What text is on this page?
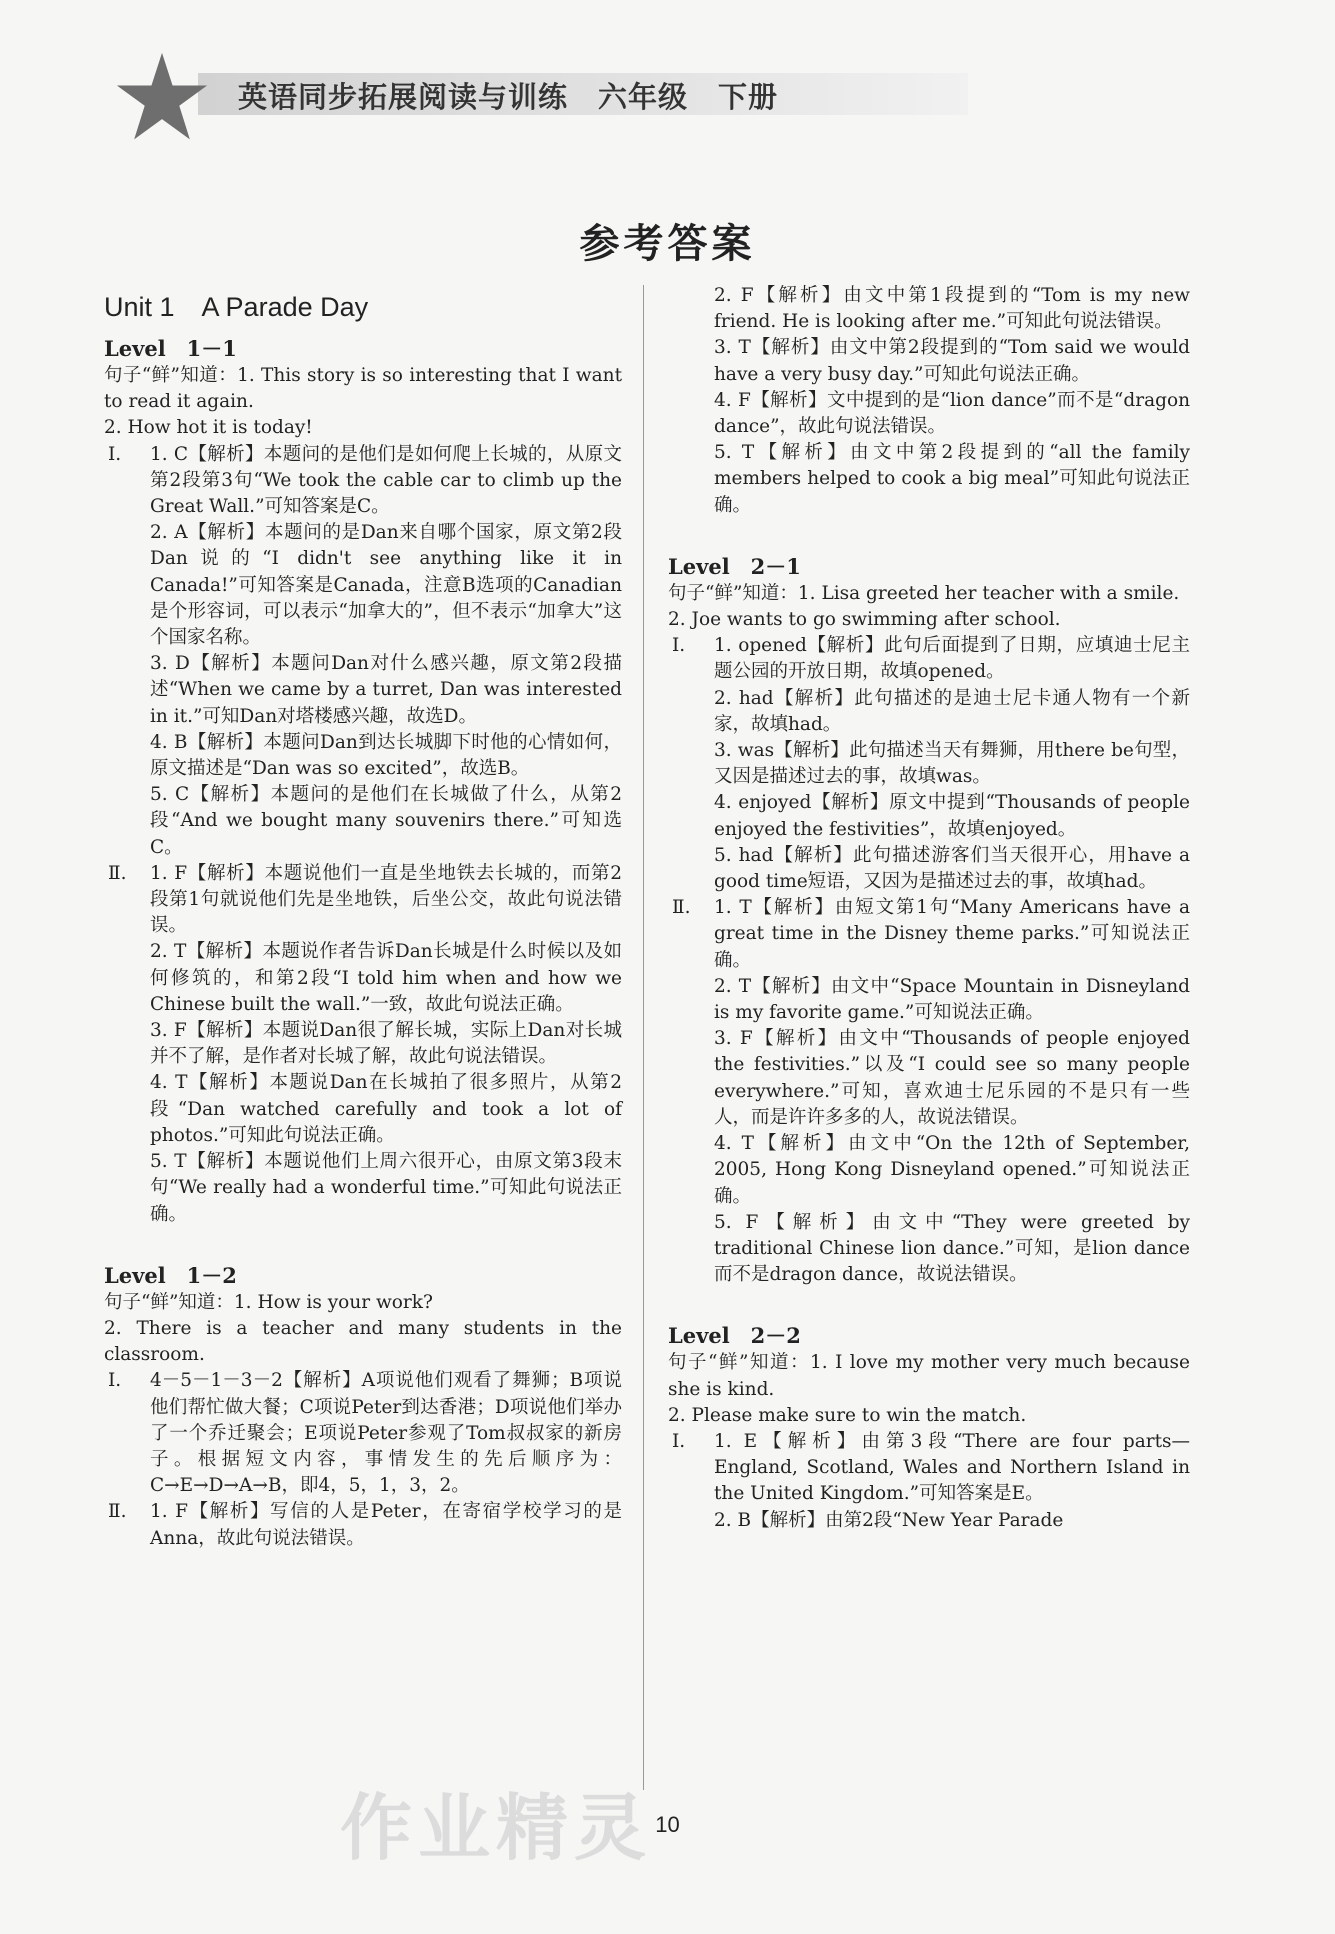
英语同步拓展阅读与训练　六年级　下册
参考答案
Unit 1　A Parade Day
Level　1－1

句子“鲜”知道：1. This story is so interesting that I want to read it again.

2. How hot it is today!

Ⅰ. 1. C【解析】本题问的是他们是如何爬上长城的，从原文第2段第3句“We took the cable car to climb up the Great Wall.”可知答案是C。

2. A【解析】本题问的是Dan来自哪个国家，原文第2段Dan说的“I didn't see anything like it in Canada!”可知答案是Canada，注意B选项的Canadian是个形容词，可以表示“加拿大的”，但不表示“加拿大”这个国家名称。

3. D【解析】本题问Dan对什么感兴趣，原文第2段描述“When we came by a turret, Dan was interested in it.”可知Dan对塔楼感兴趣，故选D。

4. B【解析】本题问Dan到达长城脚下时他的心情如何，原文描述是“Dan was so excited”，故选B。

5. C【解析】本题问的是他们在长城做了什么，从第2段“And we bought many souvenirs there.”可知选C。

Ⅱ. 1. F【解析】本题说他们一直是坐地铁去长城的，而第2段第1句就说他们先是坐地铁，后坐公交，故此句说法错误。

2. T【解析】本题说作者告诉Dan长城是什么时候以及如何修筑的，和第2段“I told him when and how we Chinese built the wall.”一致，故此句说法正确。

3. F【解析】本题说Dan很了解长城，实际上Dan对长城并不了解，是作者对长城了解，故此句说法错误。

4. T【解析】本题说Dan在长城拍了很多照片，从第2段“Dan watched carefully and took a lot of photos.”可知此句说法正确。

5. T【解析】本题说他们上周六很开心，由原文第3段末句“We really had a wonderful time.”可知此句说法正确。

Level　1－2

句子“鲜”知道：1. How is your work?

2. There is a teacher and many students in the classroom.

Ⅰ. 4－5－1－3－2【解析】A项说他们观看了舞狮；B项说他们帮忙做大餐；C项说Peter到达香港；D项说他们举办了一个乔迁聚会；E项说Peter参观了Tom叔叔家的新房子。根据短文内容，事情发生的先后顺序为：C→E→D→A→B，即4，5，1，3，2。

Ⅱ. 1. F【解析】写信的人是Peter，在寄宿学校学习的是Anna，故此句说法错误。

2. F【解析】由文中第1段提到的“Tom is my new friend. He is looking after me.”可知此句说法错误。

3. T【解析】由文中第2段提到的“Tom said we would have a very busy day.”可知此句说法正确。

4. F【解析】文中提到的是“lion dance”而不是“dragon dance”，故此句说法错误。

5. T【解析】由文中第2段提到的“all the family members helped to cook a big meal”可知此句说法正确。

Level　2－1

句子“鲜”知道：1. Lisa greeted her teacher with a smile.

2. Joe wants to go swimming after school.

Ⅰ. 1. opened【解析】此句后面提到了日期，应填迪士尼主题公园的开放日期，故填opened。

2. had【解析】此句描述的是迪士尼卡通人物有一个新家，故填had。

3. was【解析】此句描述当天有舞狮，用there be句型，又因是描述过去的事，故填was。

4. enjoyed【解析】原文中提到“Thousands of people enjoyed the festivities”，故填enjoyed。

5. had【解析】此句描述游客们当天很开心，用have a good time短语，又因为是描述过去的事，故填had。

Ⅱ. 1. T【解析】由短文第1句“Many Americans have a great time in the Disney theme parks.”可知说法正确。

2. T【解析】由文中“Space Mountain in Disneyland is my favorite game.”可知说法正确。

3. F【解析】由文中“Thousands of people enjoyed the festivities.”以及“I could see so many people everywhere.”可知，喜欢迪士尼乐园的不是只有一些人，而是许许多多的人，故说法错误。

4. T【解析】由文中“On the 12th of September, 2005, Hong Kong Disneyland opened.”可知说法正确。

5. F【解析】由文中“They were greeted by traditional Chinese lion dance.”可知，是lion dance而不是dragon dance，故说法错误。

Level　2－2

句子“鲜”知道：1. I love my mother very much because she is kind.

2. Please make sure to win the match.

Ⅰ. 1. E【解析】由第3段“There are four parts—England, Scotland, Wales and Northern Island in the United Kingdom.”可知答案是E。

2. B【解析】由第2段“New Year Parade

作业精灵 10
